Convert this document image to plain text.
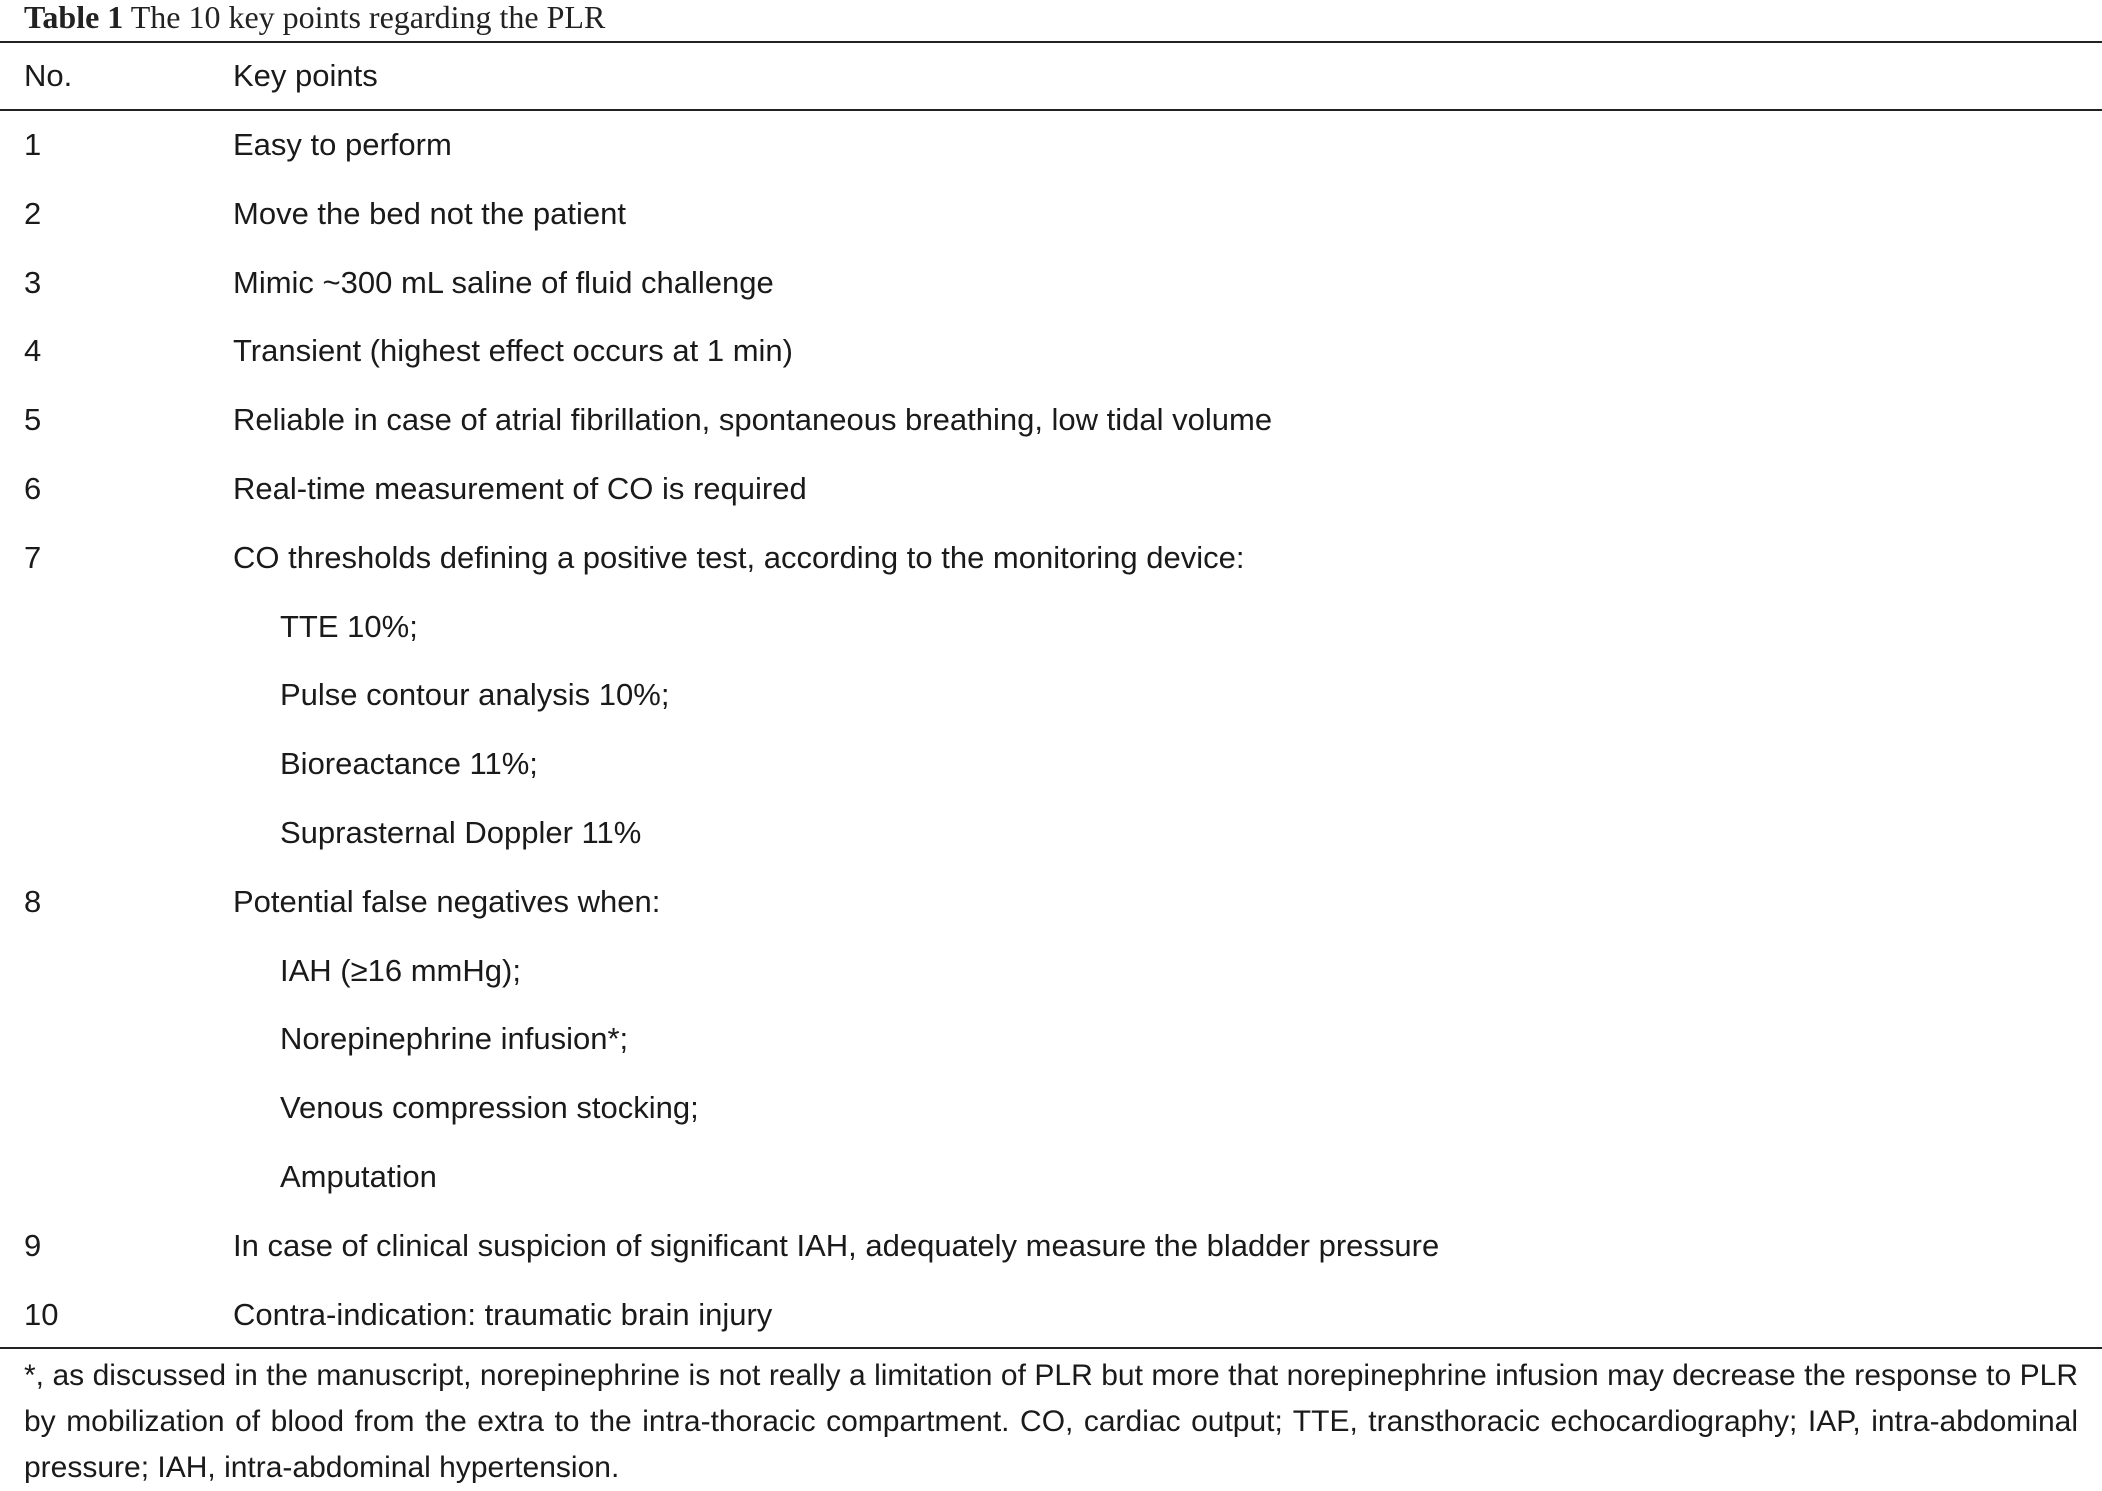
Table 1 The 10 key points regarding the PLR
No.	Key points
1	Easy to perform
2	Move the bed not the patient
3	Mimic ~300 mL saline of fluid challenge
4	Transient (highest effect occurs at 1 min)
5	Reliable in case of atrial fibrillation, spontaneous breathing, low tidal volume
6	Real-time measurement of CO is required
7	CO thresholds defining a positive test, according to the monitoring device:
TTE 10%;
Pulse contour analysis 10%;
Bioreactance 11%;
Suprasternal Doppler 11%
8	Potential false negatives when:
IAH (≥16 mmHg);
Norepinephrine infusion*;
Venous compression stocking;
Amputation
9	In case of clinical suspicion of significant IAH, adequately measure the bladder pressure
10	Contra-indication: traumatic brain injury
*, as discussed in the manuscript, norepinephrine is not really a limitation of PLR but more that norepinephrine infusion may decrease the response to PLR by mobilization of blood from the extra to the intra-thoracic compartment. CO, cardiac output; TTE, transthoracic echocardiography; IAP, intra-abdominal pressure; IAH, intra-abdominal hypertension.
